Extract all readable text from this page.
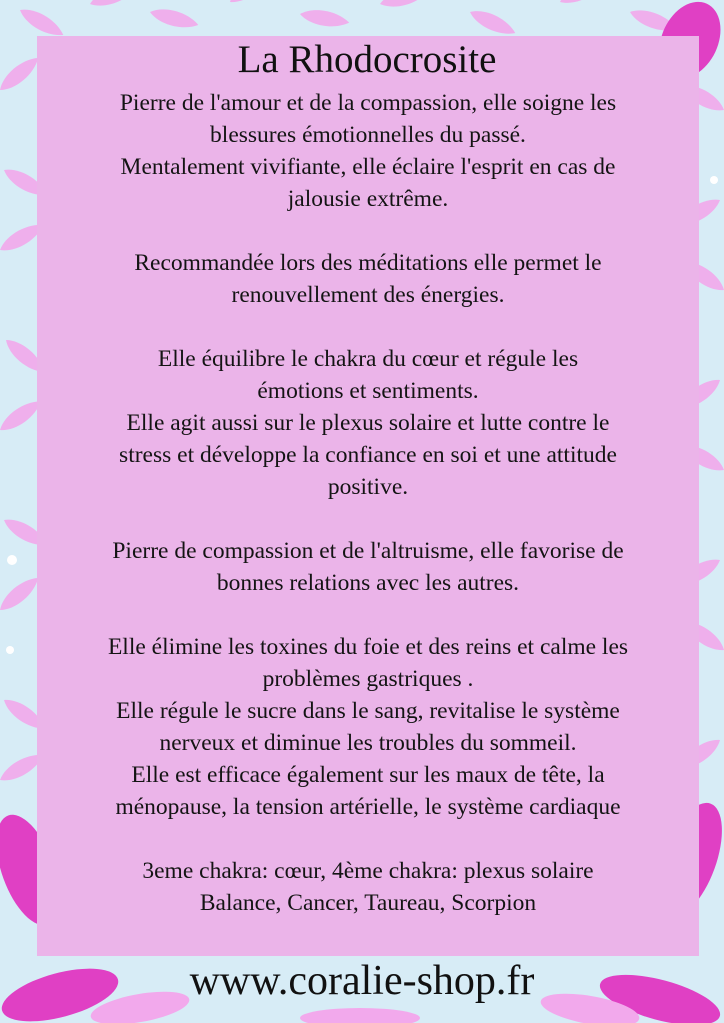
La Rhodocrosite
Pierre de l'amour et de la compassion, elle soigne les
blessures émotionnelles du passé.
Mentalement vivifiante, elle éclaire l'esprit en cas de
jalousie extrême.
Recommandée lors des méditations elle permet le
renouvellement des énergies.
Elle équilibre le chakra du cœur et régule les
émotions et sentiments.
Elle agit aussi sur le plexus solaire et lutte contre le
stress et développe la confiance en soi et une attitude
positive.
Pierre de compassion et de l'altruisme, elle favorise de
bonnes relations avec les autres.
Elle élimine les toxines du foie et des reins et calme les
problèmes gastriques .
Elle régule le sucre dans le sang, revitalise le système
nerveux et diminue les troubles du sommeil.
Elle est efficace également sur les maux de tête, la
ménopause, la tension artérielle, le système cardiaque
3eme chakra: cœur, 4ème chakra: plexus solaire
Balance, Cancer, Taureau, Scorpion
www.coralie-shop.fr
